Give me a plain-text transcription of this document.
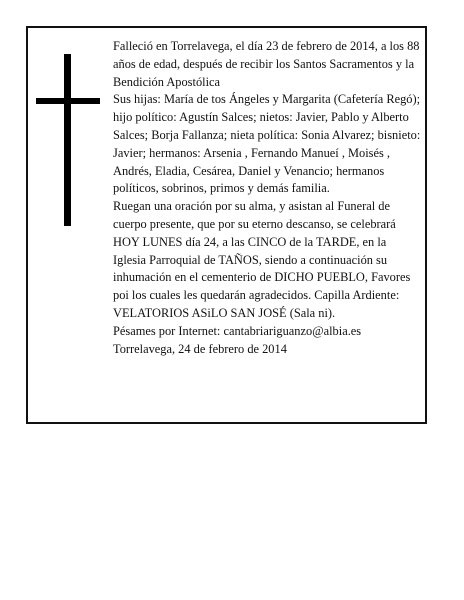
Falleció en Torrelavega, el día 23 de febrero de 2014, a los 88 años de edad, después de recibir los Santos Sacramentos y la Bendición Apostólica

Sus hijas: María de tos Ángeles y Margarita (Cafetería Regó); hijo político: Agustín Salces; nietos: Javier, Pablo y Alberto Salces; Borja Fallanza; nieta política: Sonia Alvarez; bisnieto: Javier; hermanos: Arsenia , Fernando Manueí , Moisés , Andrés, Eladia, Cesárea, Daniel y Venancio; hermanos políticos, sobrinos, primos y demás familia.

Ruegan una oración por su alma, y asistan al Funeral de cuerpo presente, que por su eterno descanso, se celebrará HOY LUNES día 24, a las CINCO de la TARDE, en la Iglesia Parroquial de TAÑOS, siendo a continuación su inhumación en el cementerio de DICHO PUEBLO, Favores poi los cuales les quedarán agradecidos. Capilla Ardiente: VELATORIOS ASiLO SAN JOSÉ (Sala ni).

Pésames por Internet: cantabriariguanzo@albia.es

Torrelavega, 24 de febrero de 2014
